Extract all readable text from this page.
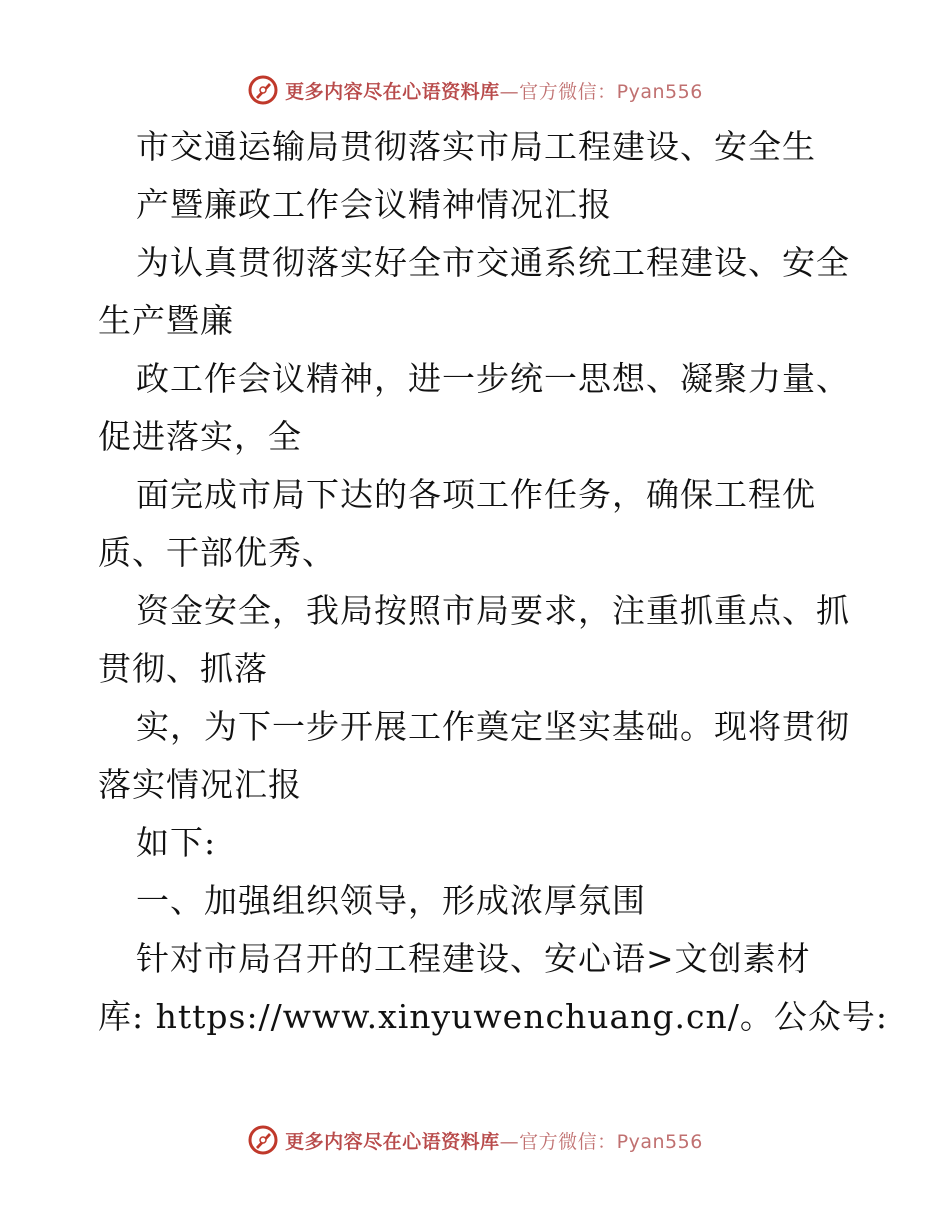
更多内容尽在心语资料库—官方微信：Pyan556
市交通运输局贯彻落实市局工程建设、安全生
产暨廉政工作会议精神情况汇报
为认真贯彻落实好全市交通系统工程建设、安全
生产暨廉
政工作会议精神，进一步统一思想、凝聚力量、
促进落实，全
面完成市局下达的各项工作任务，确保工程优
质、干部优秀、
资金安全，我局按照市局要求，注重抓重点、抓
贯彻、抓落
实，为下一步开展工作奠定坚实基础。现将贯彻
落实情况汇报
如下:
一、加强组织领导，形成浓厚氛围
针对市局召开的工程建设、安心语>文创素材
库: https://www.xinyuwenchuang.cn/。公众号:
更多内容尽在心语资料库—官方微信：Pyan556
